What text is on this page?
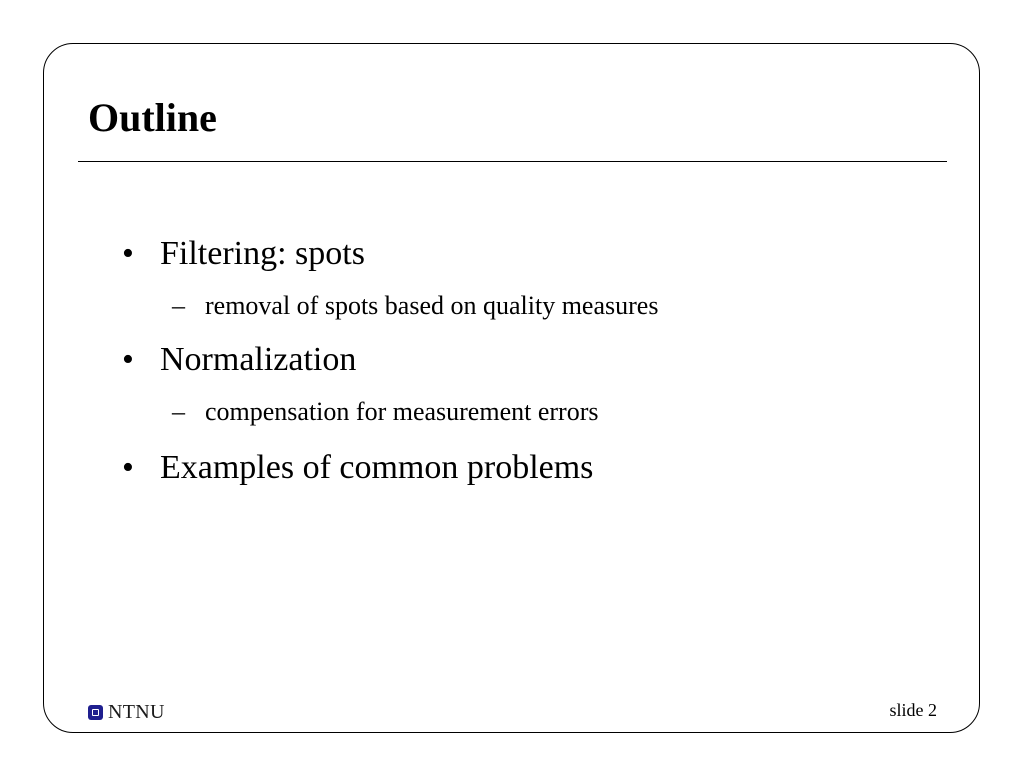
Outline
• Filtering: spots
– removal of spots based on quality measures
• Normalization
– compensation for measurement errors
• Examples of common problems
NTNU	slide 2
